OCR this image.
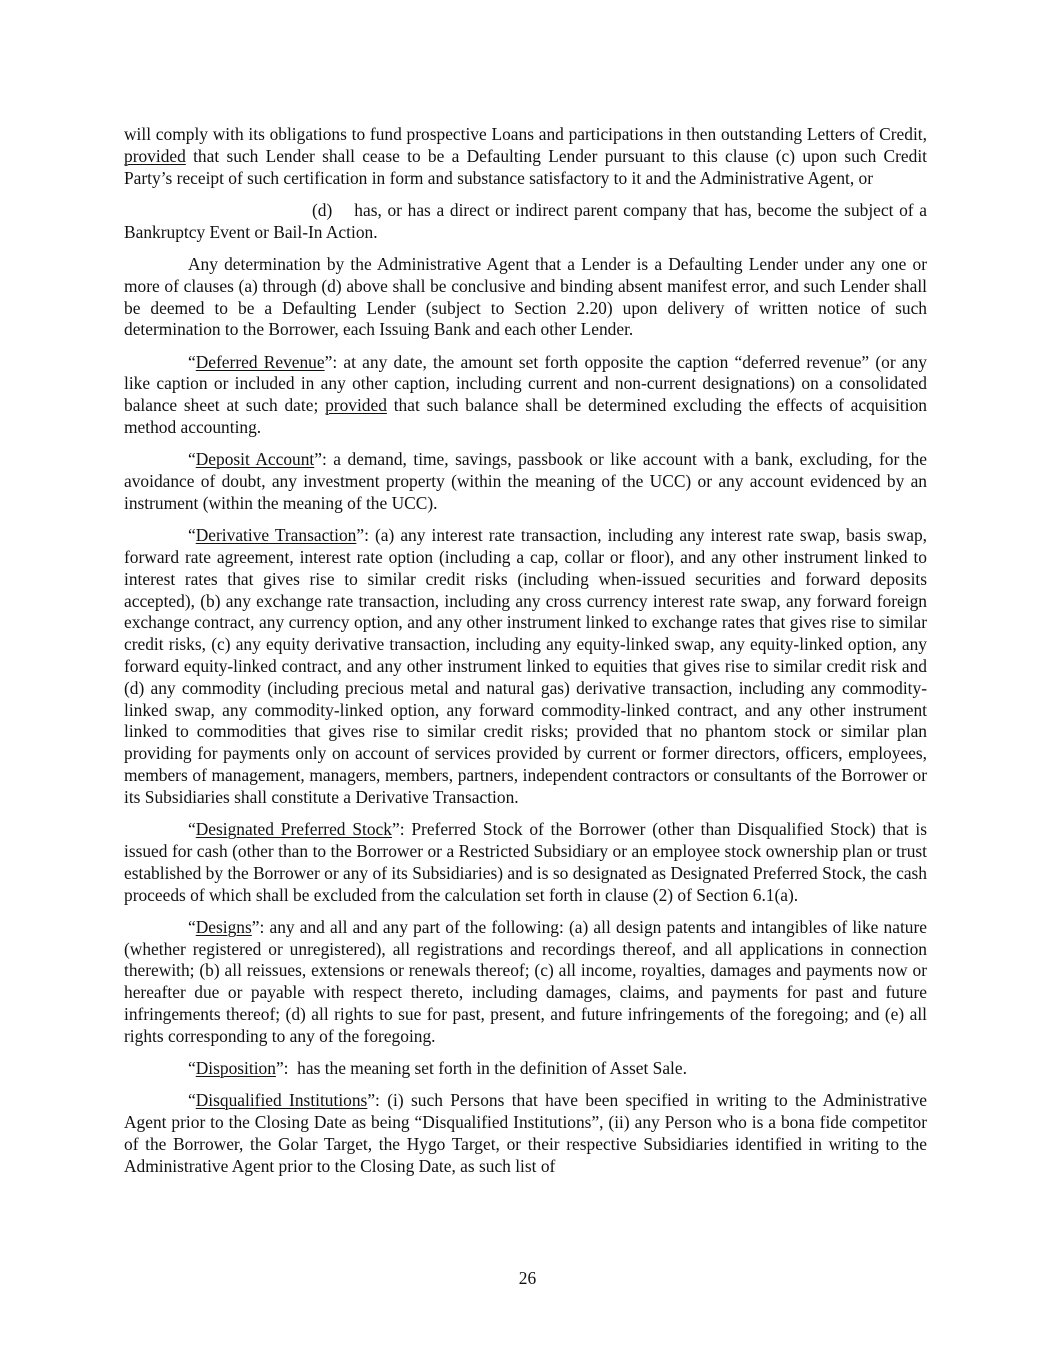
will comply with its obligations to fund prospective Loans and participations in then outstanding Letters of Credit, provided that such Lender shall cease to be a Defaulting Lender pursuant to this clause (c) upon such Credit Party’s receipt of such certification in form and substance satisfactory to it and the Administrative Agent, or

(d) has, or has a direct or indirect parent company that has, become the subject of a Bankruptcy Event or Bail-In Action.

Any determination by the Administrative Agent that a Lender is a Defaulting Lender under any one or more of clauses (a) through (d) above shall be conclusive and binding absent manifest error, and such Lender shall be deemed to be a Defaulting Lender (subject to Section 2.20) upon delivery of written notice of such determination to the Borrower, each Issuing Bank and each other Lender.

“Deferred Revenue”: at any date, the amount set forth opposite the caption “deferred revenue” (or any like caption or included in any other caption, including current and non-current designations) on a consolidated balance sheet at such date; provided that such balance shall be determined excluding the effects of acquisition method accounting.

“Deposit Account”: a demand, time, savings, passbook or like account with a bank, excluding, for the avoidance of doubt, any investment property (within the meaning of the UCC) or any account evidenced by an instrument (within the meaning of the UCC).

“Derivative Transaction”: (a) any interest rate transaction, including any interest rate swap, basis swap, forward rate agreement, interest rate option (including a cap, collar or floor), and any other instrument linked to interest rates that gives rise to similar credit risks (including when-issued securities and forward deposits accepted), (b) any exchange rate transaction, including any cross currency interest rate swap, any forward foreign exchange contract, any currency option, and any other instrument linked to exchange rates that gives rise to similar credit risks, (c) any equity derivative transaction, including any equity-linked swap, any equity-linked option, any forward equity-linked contract, and any other instrument linked to equities that gives rise to similar credit risk and (d) any commodity (including precious metal and natural gas) derivative transaction, including any commodity-linked swap, any commodity-linked option, any forward commodity-linked contract, and any other instrument linked to commodities that gives rise to similar credit risks; provided that no phantom stock or similar plan providing for payments only on account of services provided by current or former directors, officers, employees, members of management, managers, members, partners, independent contractors or consultants of the Borrower or its Subsidiaries shall constitute a Derivative Transaction.

“Designated Preferred Stock”: Preferred Stock of the Borrower (other than Disqualified Stock) that is issued for cash (other than to the Borrower or a Restricted Subsidiary or an employee stock ownership plan or trust established by the Borrower or any of its Subsidiaries) and is so designated as Designated Preferred Stock, the cash proceeds of which shall be excluded from the calculation set forth in clause (2) of Section 6.1(a).

“Designs”: any and all and any part of the following: (a) all design patents and intangibles of like nature (whether registered or unregistered), all registrations and recordings thereof, and all applications in connection therewith; (b) all reissues, extensions or renewals thereof; (c) all income, royalties, damages and payments now or hereafter due or payable with respect thereto, including damages, claims, and payments for past and future infringements thereof; (d) all rights to sue for past, present, and future infringements of the foregoing; and (e) all rights corresponding to any of the foregoing.

“Disposition”:  has the meaning set forth in the definition of Asset Sale.

“Disqualified Institutions”: (i) such Persons that have been specified in writing to the Administrative Agent prior to the Closing Date as being “Disqualified Institutions”, (ii) any Person who is a bona fide competitor of the Borrower, the Golar Target, the Hygo Target, or their respective Subsidiaries identified in writing to the Administrative Agent prior to the Closing Date, as such list of

26
